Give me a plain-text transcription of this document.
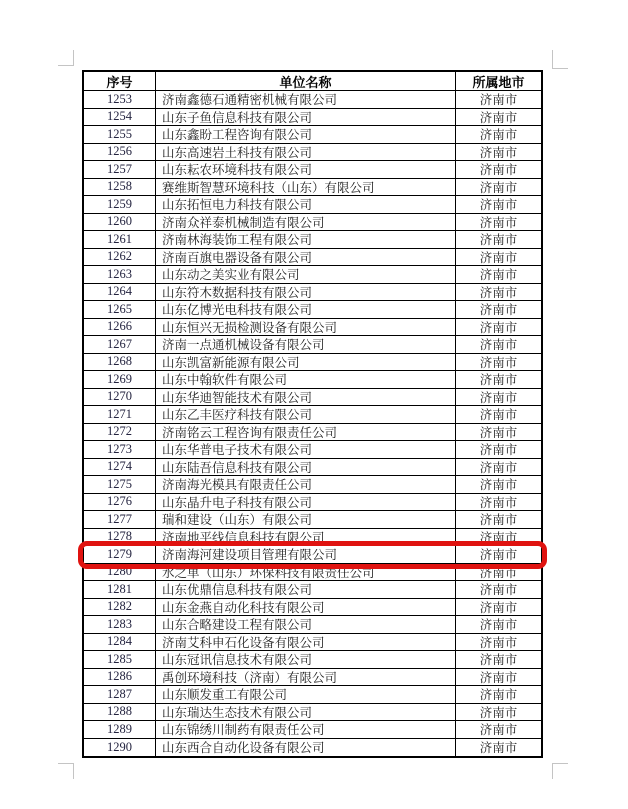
序号	单位名称	所属地市
1253	济南鑫德石通精密机械有限公司	济南市
1254	山东子鱼信息科技有限公司	济南市
1255	山东鑫盼工程咨询有限公司	济南市
1256	山东高速岩土科技有限公司	济南市
1257	山东耘农环境科技有限公司	济南市
1258	赛维斯智慧环境科技（山东）有限公司	济南市
1259	山东拓恒电力科技有限公司	济南市
1260	济南众祥泰机械制造有限公司	济南市
1261	济南林海装饰工程有限公司	济南市
1262	济南百旗电器设备有限公司	济南市
1263	山东动之美实业有限公司	济南市
1264	山东符木数据科技有限公司	济南市
1265	山东亿博光电科技有限公司	济南市
1266	山东恒兴无损检测设备有限公司	济南市
1267	济南一点通机械设备有限公司	济南市
1268	山东凯富新能源有限公司	济南市
1269	山东中翰软件有限公司	济南市
1270	山东华迪智能技术有限公司	济南市
1271	山东乙丰医疗科技有限公司	济南市
1272	济南铭云工程咨询有限责任公司	济南市
1273	山东华普电子技术有限公司	济南市
1274	山东陆吾信息科技有限公司	济南市
1275	济南海光模具有限责任公司	济南市
1276	山东晶升电子科技有限公司	济南市
1277	瑞和建设（山东）有限公司	济南市
1278	济南地平线信息科技有限公司	济南市
1279	济南海河建设项目管理有限公司	济南市
1280	水之单（山东）环保科技有限责任公司	济南市
1281	山东优鼎信息科技有限公司	济南市
1282	山东金燕自动化科技有限公司	济南市
1283	山东合略建设工程有限公司	济南市
1284	济南艾科申石化设备有限公司	济南市
1285	山东冠讯信息技术有限公司	济南市
1286	禹创环境科技（济南）有限公司	济南市
1287	山东顺发重工有限公司	济南市
1288	山东瑞达生态技术有限公司	济南市
1289	山东锦绣川制药有限责任公司	济南市
1290	山东西合自动化设备有限公司	济南市
